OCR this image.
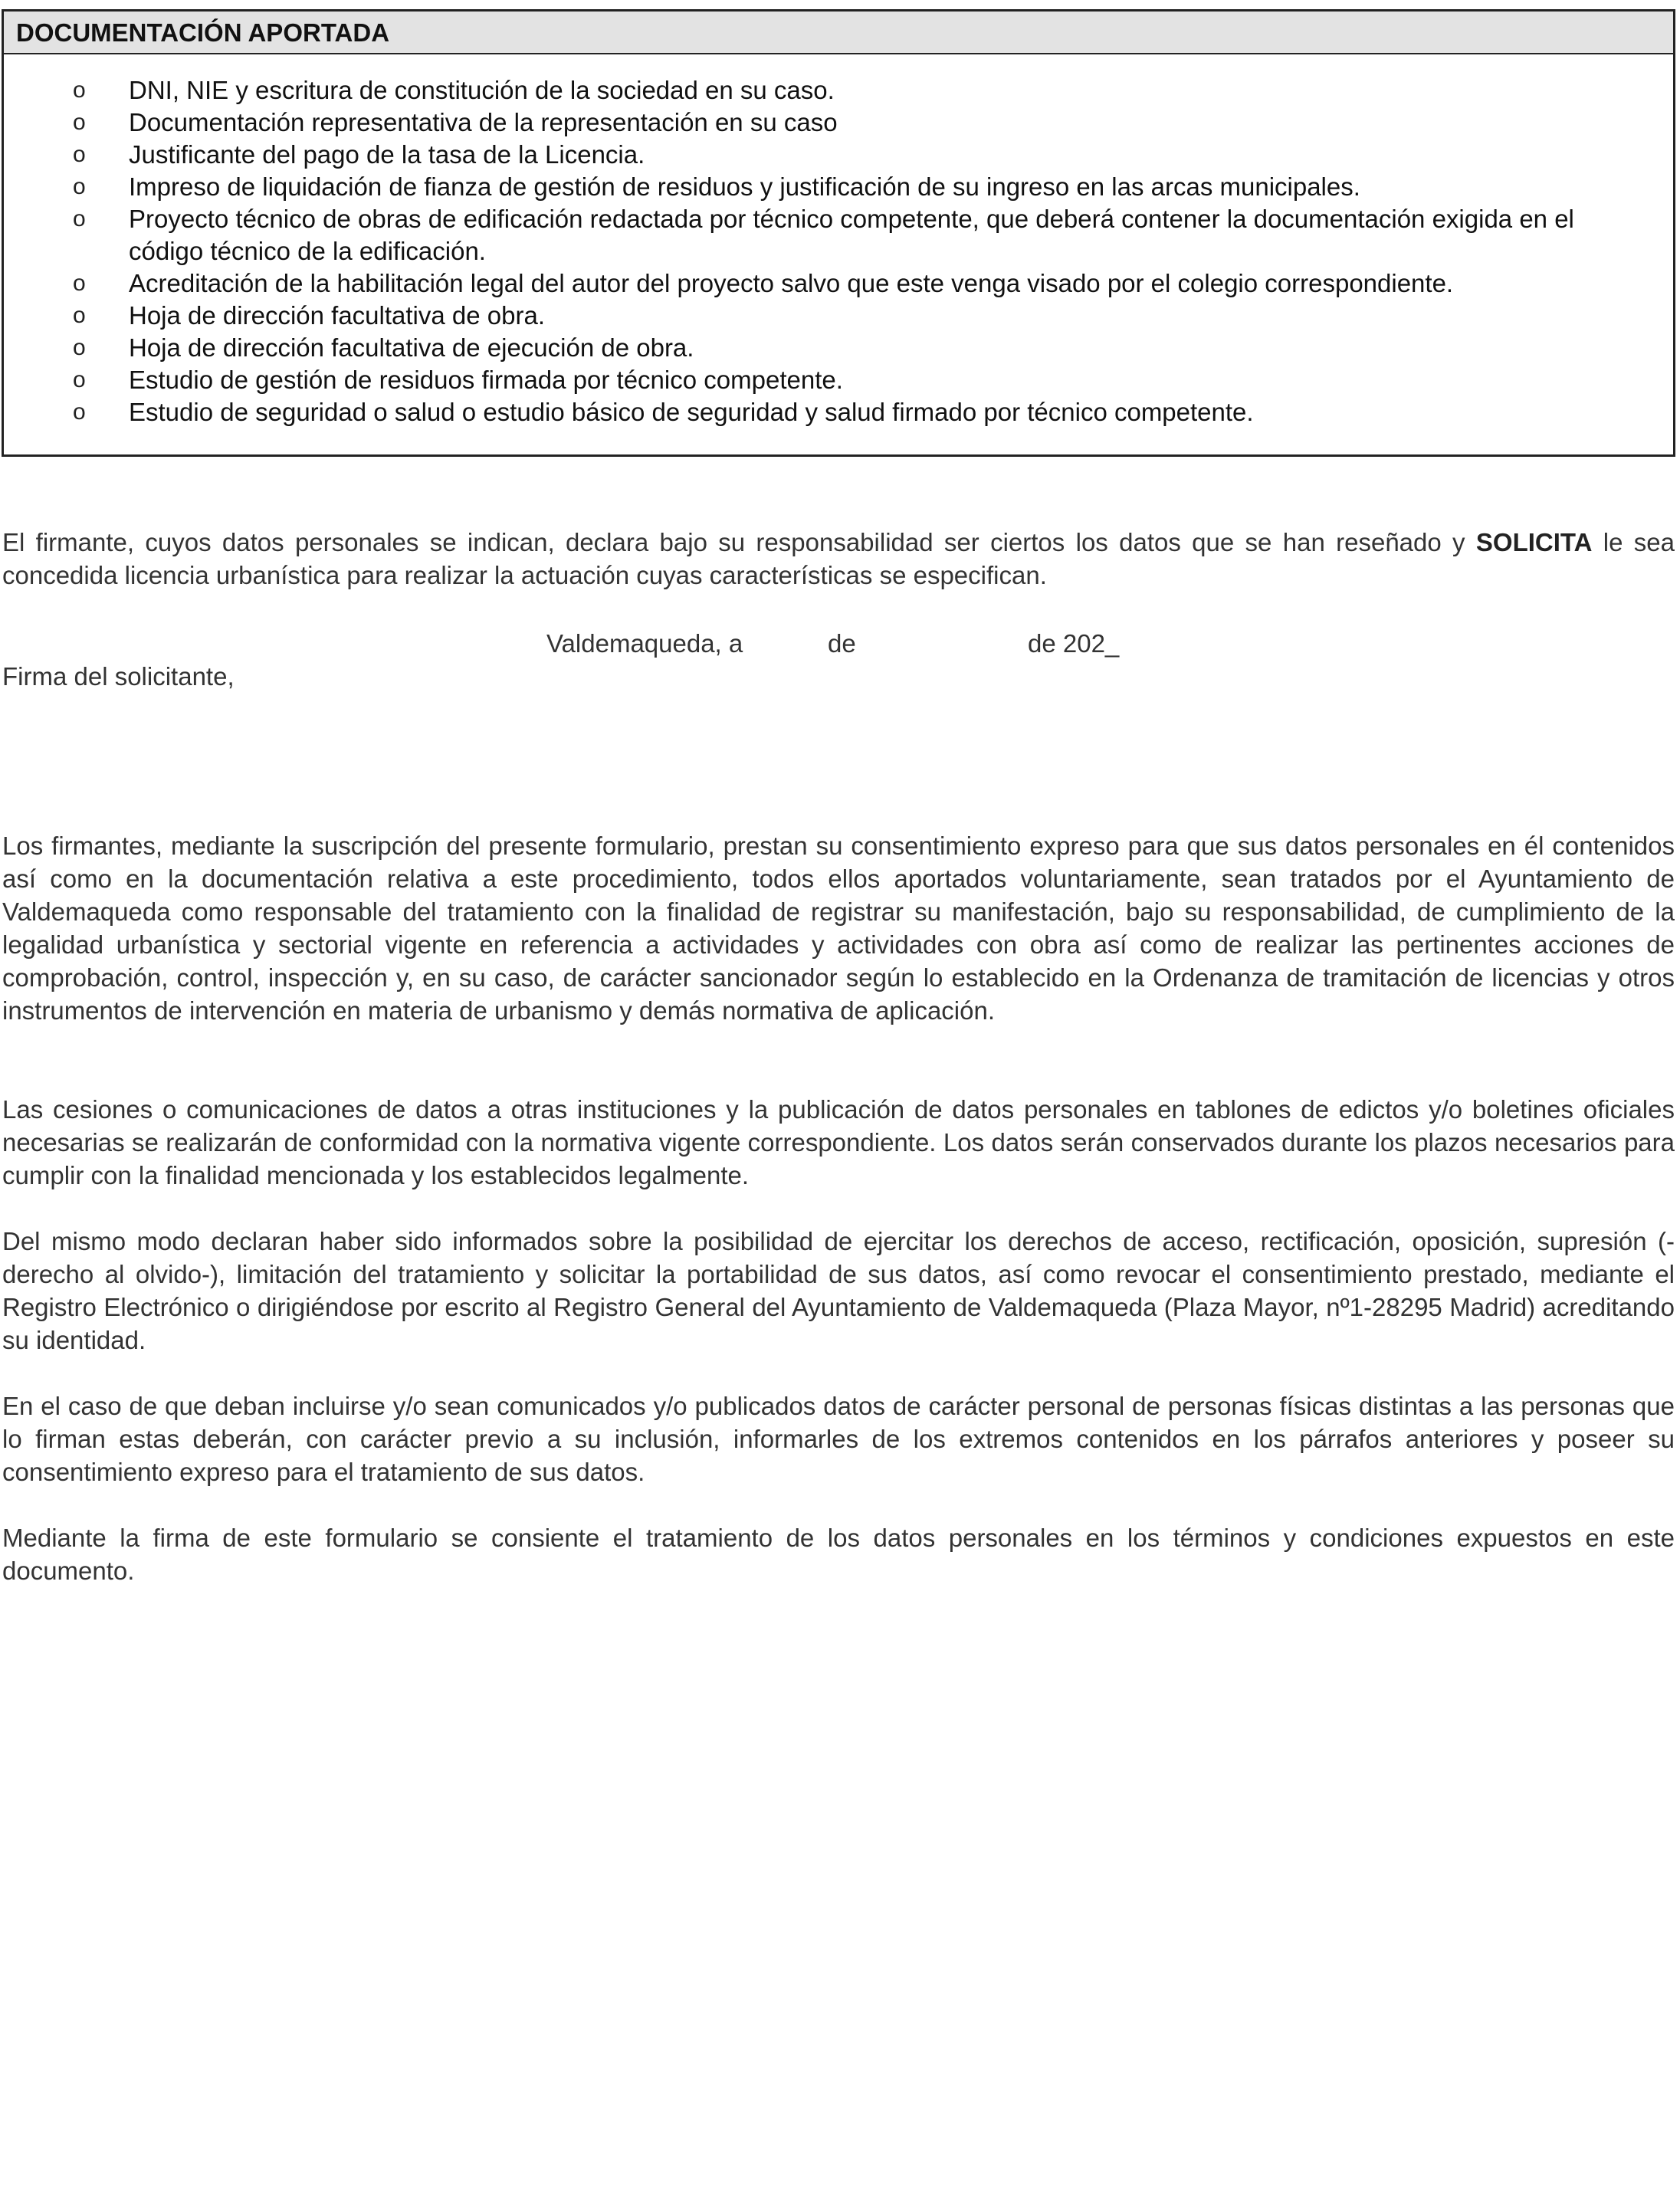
DOCUMENTACIÓN APORTADA
o DNI, NIE y escritura de constitución de la sociedad en su caso.
o Documentación representativa de la representación en su caso
o Justificante del pago de la tasa de la Licencia.
o Impreso de liquidación de fianza de gestión de residuos y justificación de su ingreso en las arcas municipales.
o Proyecto técnico de obras de edificación redactada por técnico competente, que deberá contener la documentación exigida en el código técnico de la edificación.
o Acreditación de la habilitación legal del autor del proyecto salvo que este venga visado por el colegio correspondiente.
o Hoja de dirección facultativa de obra.
o Hoja de dirección facultativa de ejecución de obra.
o Estudio de gestión de residuos firmada por técnico competente.
o Estudio de seguridad o salud o estudio básico de seguridad y salud firmado por técnico competente.

El firmante, cuyos datos personales se indican, declara bajo su responsabilidad ser ciertos los datos que se han reseñado y SOLICITA le sea concedida licencia urbanística para realizar la actuación cuyas características se especifican.

Valdemaqueda, a	de	de 202_
Firma del solicitante,

Los firmantes, mediante la suscripción del presente formulario, prestan su consentimiento expreso para que sus datos personales en él contenidos así como en la documentación relativa a este procedimiento, todos ellos aportados voluntariamente, sean tratados por el Ayuntamiento de Valdemaqueda como responsable del tratamiento con la finalidad de registrar su manifestación, bajo su responsabilidad, de cumplimiento de la legalidad urbanística y sectorial vigente en referencia a actividades y actividades con obra así como de realizar las pertinentes acciones de comprobación, control, inspección y, en su caso, de carácter sancionador según lo establecido en la Ordenanza de tramitación de licencias y otros instrumentos de intervención en materia de urbanismo y demás normativa de aplicación.

Las cesiones o comunicaciones de datos a otras instituciones y la publicación de datos personales en tablones de edictos y/o boletines oficiales necesarias se realizarán de conformidad con la normativa vigente correspondiente. Los datos serán conservados durante los plazos necesarios para cumplir con la finalidad mencionada y los establecidos legalmente.

Del mismo modo declaran haber sido informados sobre la posibilidad de ejercitar los derechos de acceso, rectificación, oposición, supresión (-derecho al olvido-), limitación del tratamiento y solicitar la portabilidad de sus datos, así como revocar el consentimiento prestado, mediante el Registro Electrónico o dirigiéndose por escrito al Registro General del Ayuntamiento de Valdemaqueda (Plaza Mayor, nº1-28295 Madrid) acreditando su identidad.

En el caso de que deban incluirse y/o sean comunicados y/o publicados datos de carácter personal de personas físicas distintas a las personas que lo firman estas deberán, con carácter previo a su inclusión, informarles de los extremos contenidos en los párrafos anteriores y poseer su consentimiento expreso para el tratamiento de sus datos.

Mediante la firma de este formulario se consiente el tratamiento de los datos personales en los términos y condiciones expuestos en este documento.
